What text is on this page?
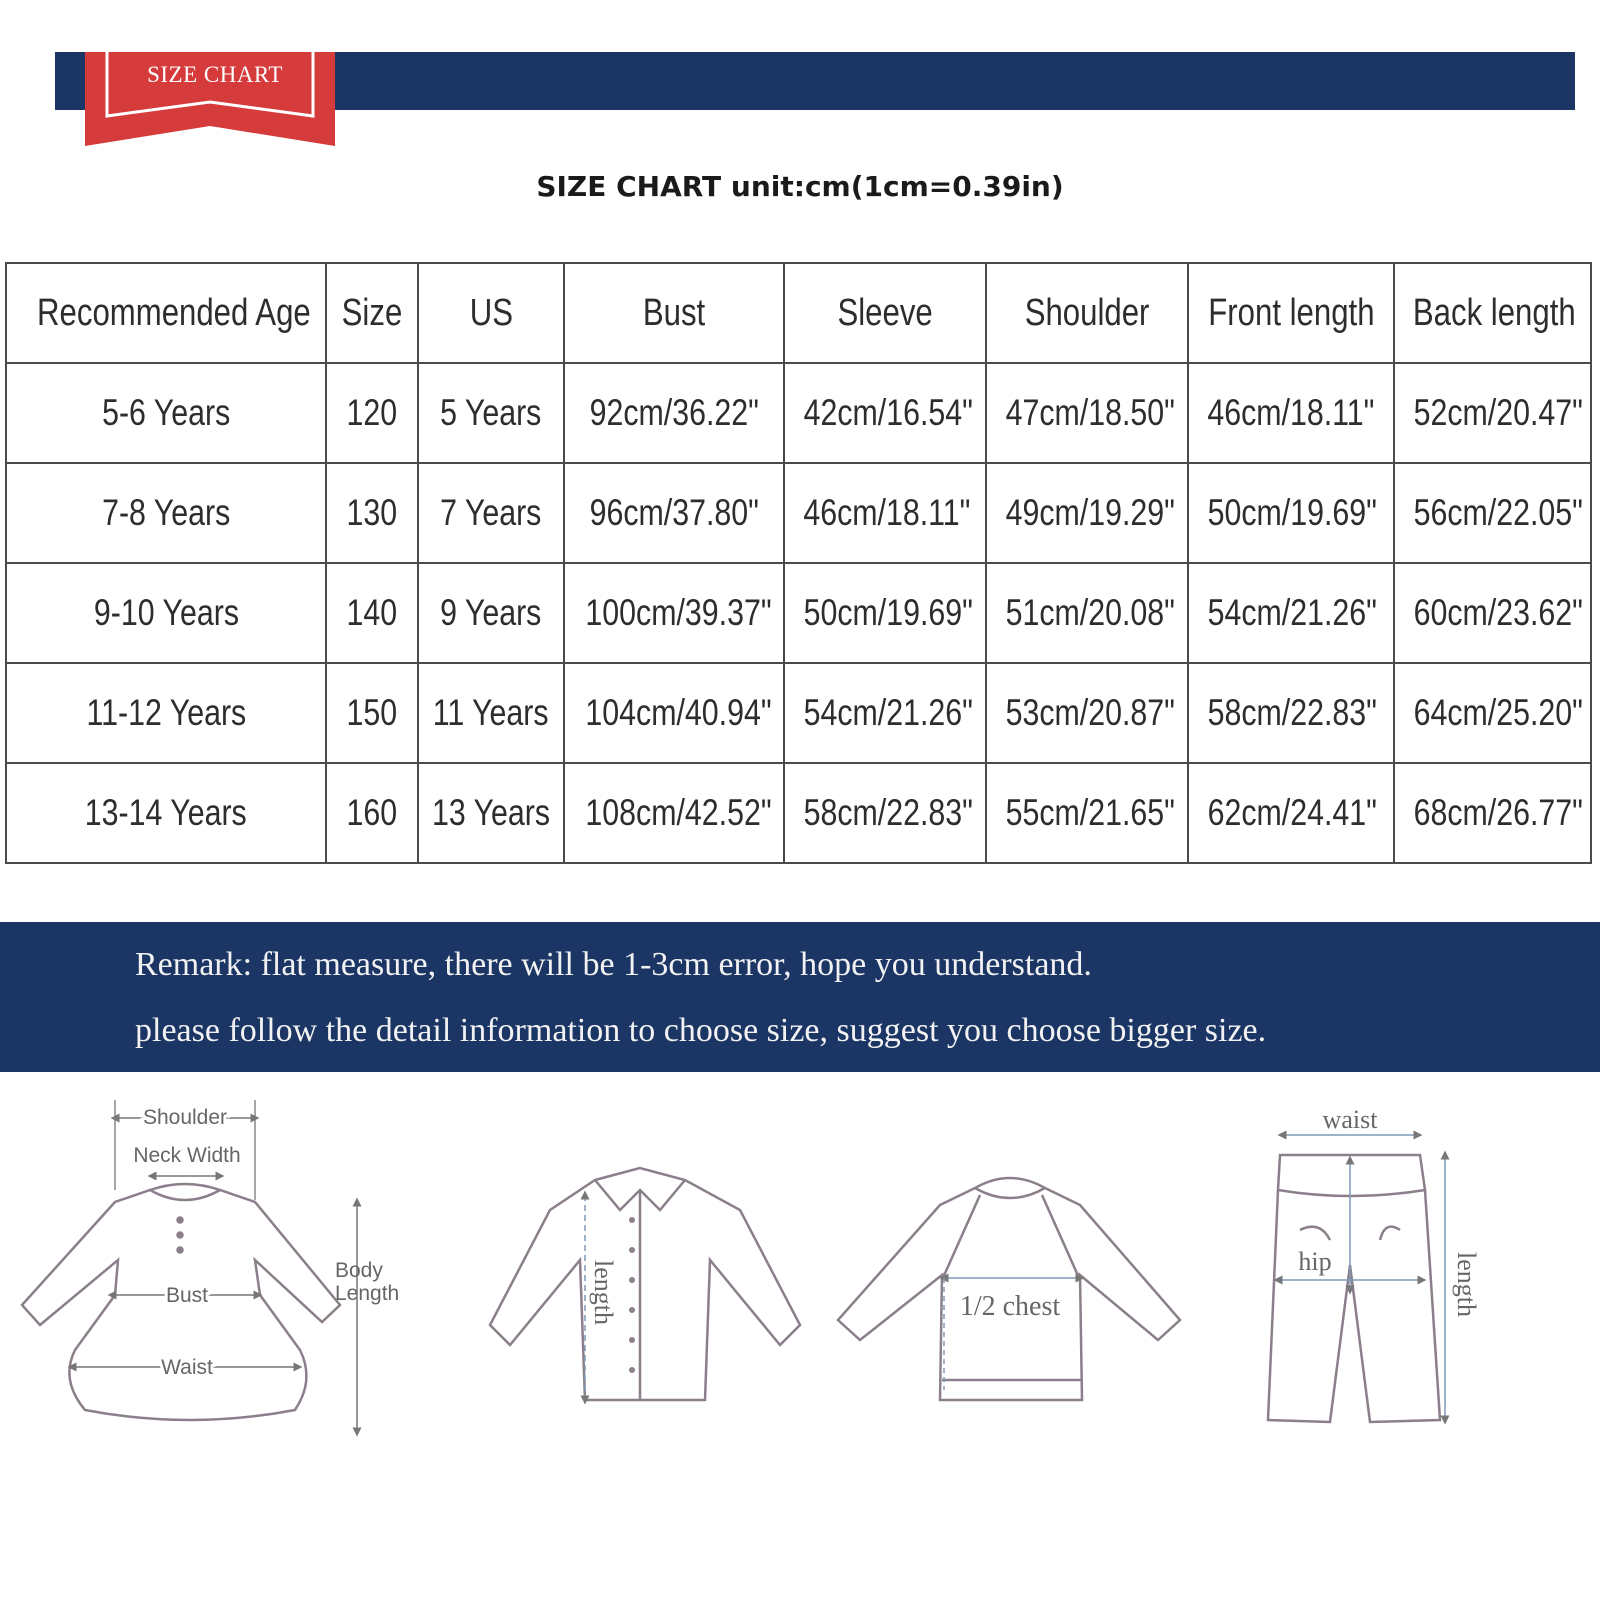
SIZE CHART
SIZE CHART unit:cm(1cm=0.39in)
Recommended Age	Size	US	Bust	Sleeve	Shoulder	Front length	Back length
5-6 Years	120	5 Years	92cm/36.22"	42cm/16.54"	47cm/18.50"	46cm/18.11"	52cm/20.47"
7-8 Years	130	7 Years	96cm/37.80"	46cm/18.11"	49cm/19.29"	50cm/19.69"	56cm/22.05"
9-10 Years	140	9 Years	100cm/39.37"	50cm/19.69"	51cm/20.08"	54cm/21.26"	60cm/23.62"
11-12 Years	150	11 Years	104cm/40.94"	54cm/21.26"	53cm/20.87"	58cm/22.83"	64cm/25.20"
13-14 Years	160	13 Years	108cm/42.52"	58cm/22.83"	55cm/21.65"	62cm/24.41"	68cm/26.77"
Remark: flat measure, there will be 1-3cm error, hope you understand.
please follow the detail information to choose size, suggest you choose bigger size.
Shoulder
Neck Width
Bust
Waist
Body
Length	length	1/2 chest
waist
hip	length
